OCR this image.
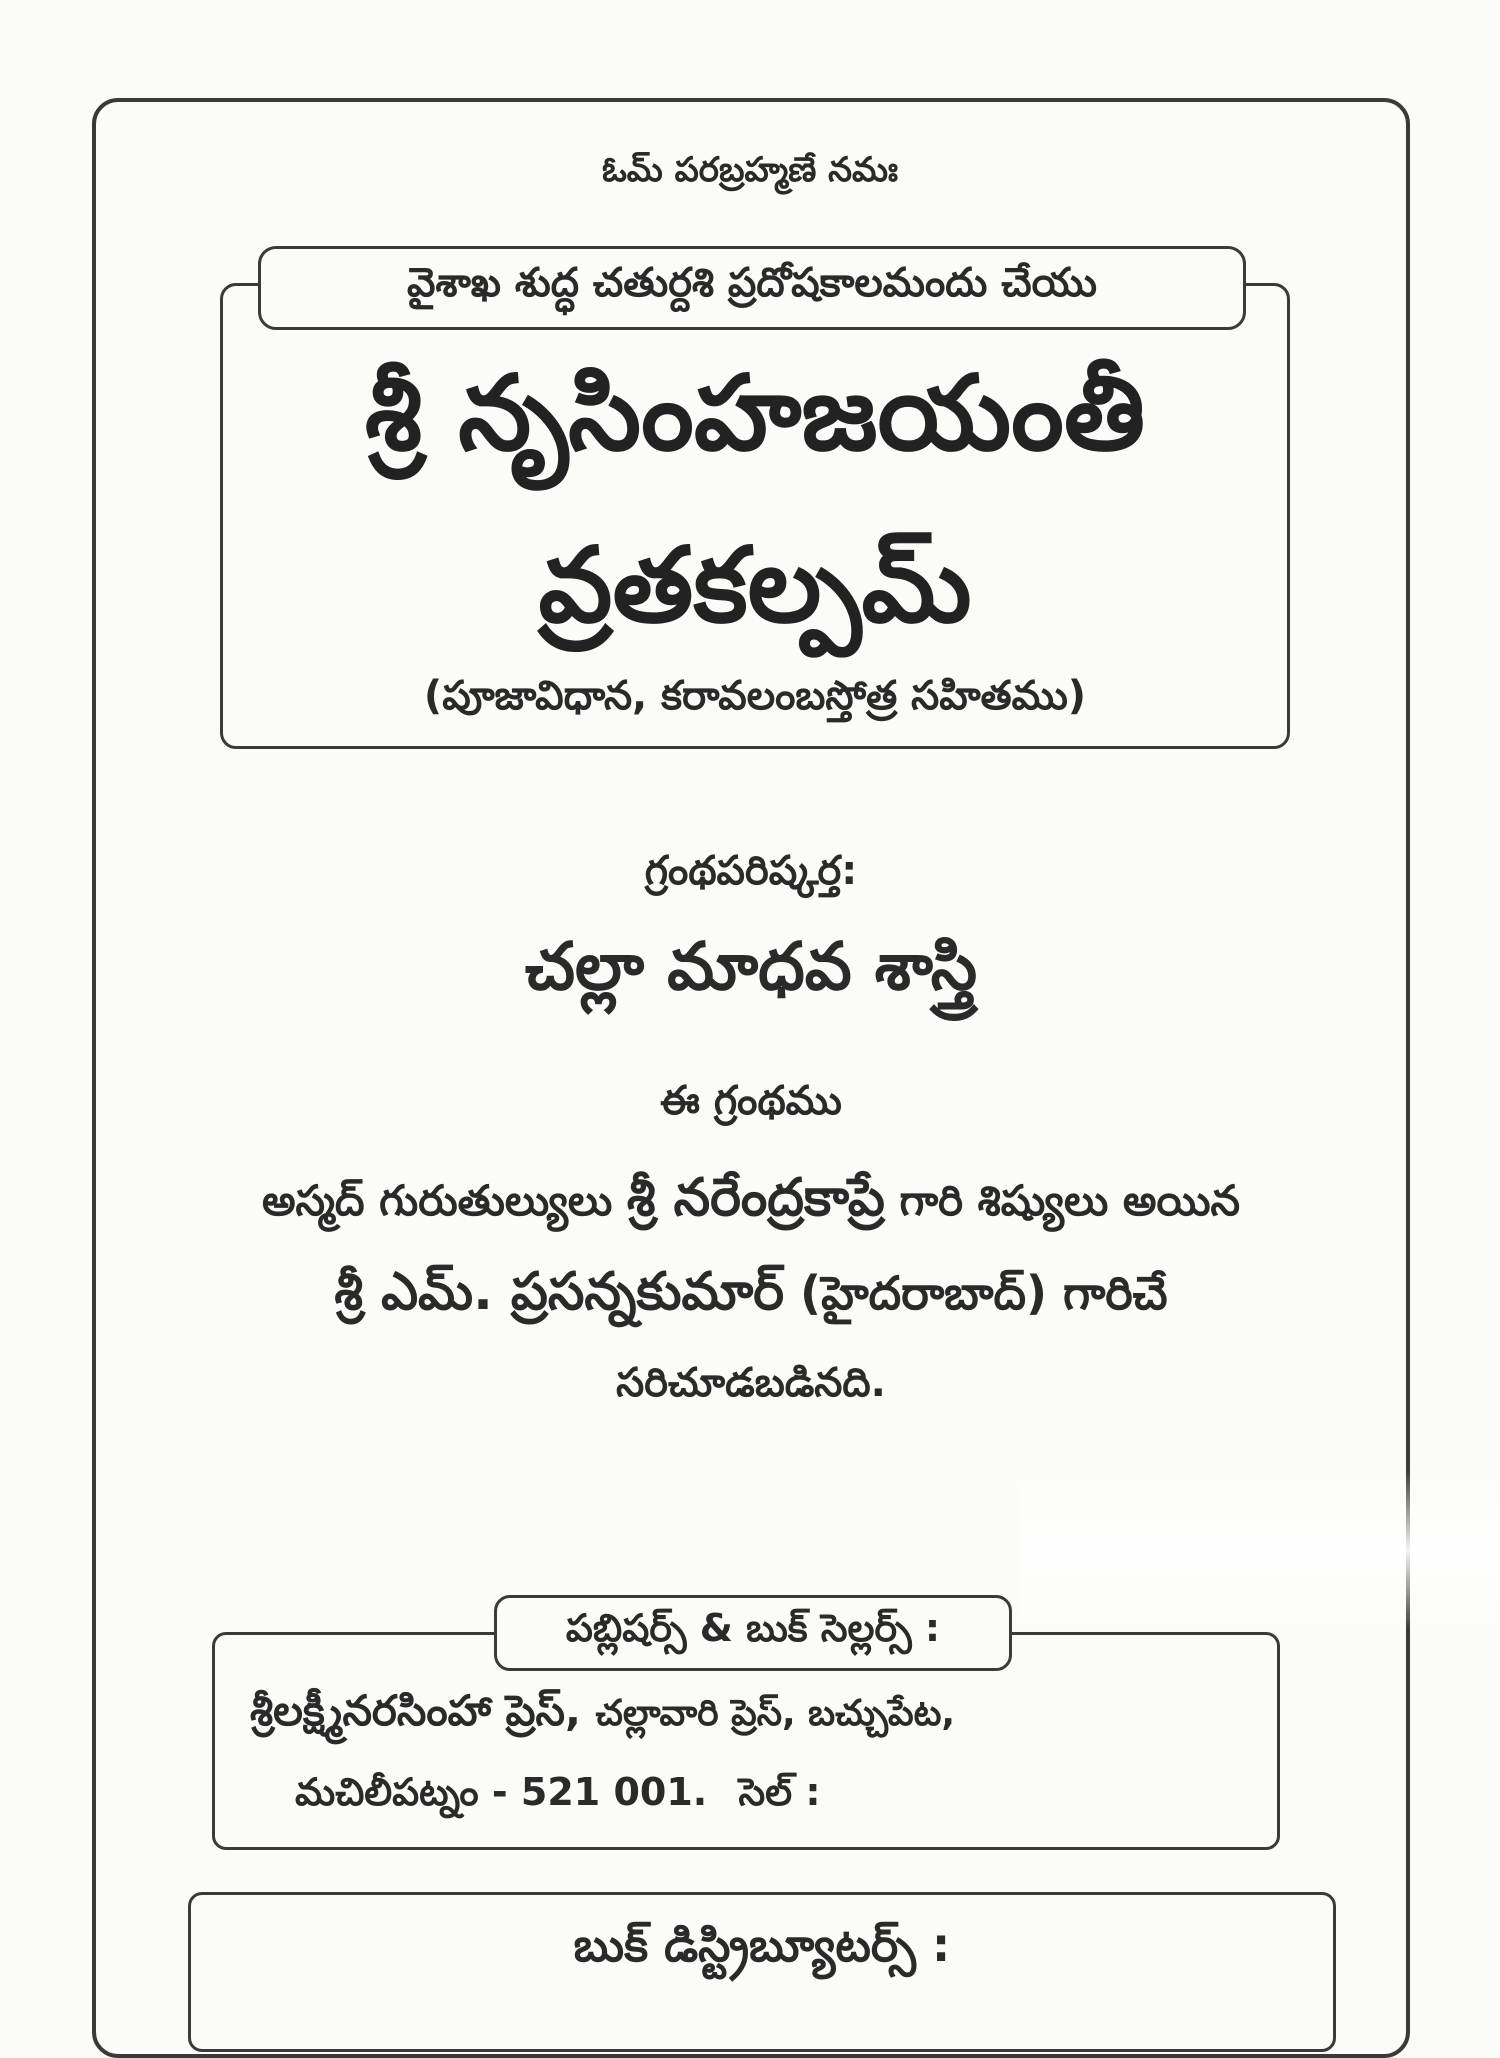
ఓమ్ పరబ్రహ్మణే నమః
వైశాఖ శుద్ధ చతుర్దశి ప్రదోషకాలమందు చేయు
శ్రీ నృసింహజయంతీ
వ్రతకల్పమ్
(పూజావిధాన, కరావలంబస్తోత్ర సహితము)
గ్రంథపరిష్కర్త:
చల్లా మాధవ శాస్త్రి
ఈ గ్రంథము
అస్మద్ గురుతుల్యులు శ్రీ నరేంద్రకాప్రే గారి శిష్యులు అయిన
శ్రీ ఎమ్. ప్రసన్నకుమార్ (హైదరాబాద్) గారిచే
సరిచూడబడినది.
పబ్లిషర్స్ & బుక్ సెల్లర్స్ :
శ్రీలక్ష్మీనరసింహా ప్రెస్, చల్లావారి ప్రెస్, బచ్చుపేట,
మచిలీపట్నం - 521 001. సెల్ :
బుక్ డిస్ట్రిబ్యూటర్స్ :
